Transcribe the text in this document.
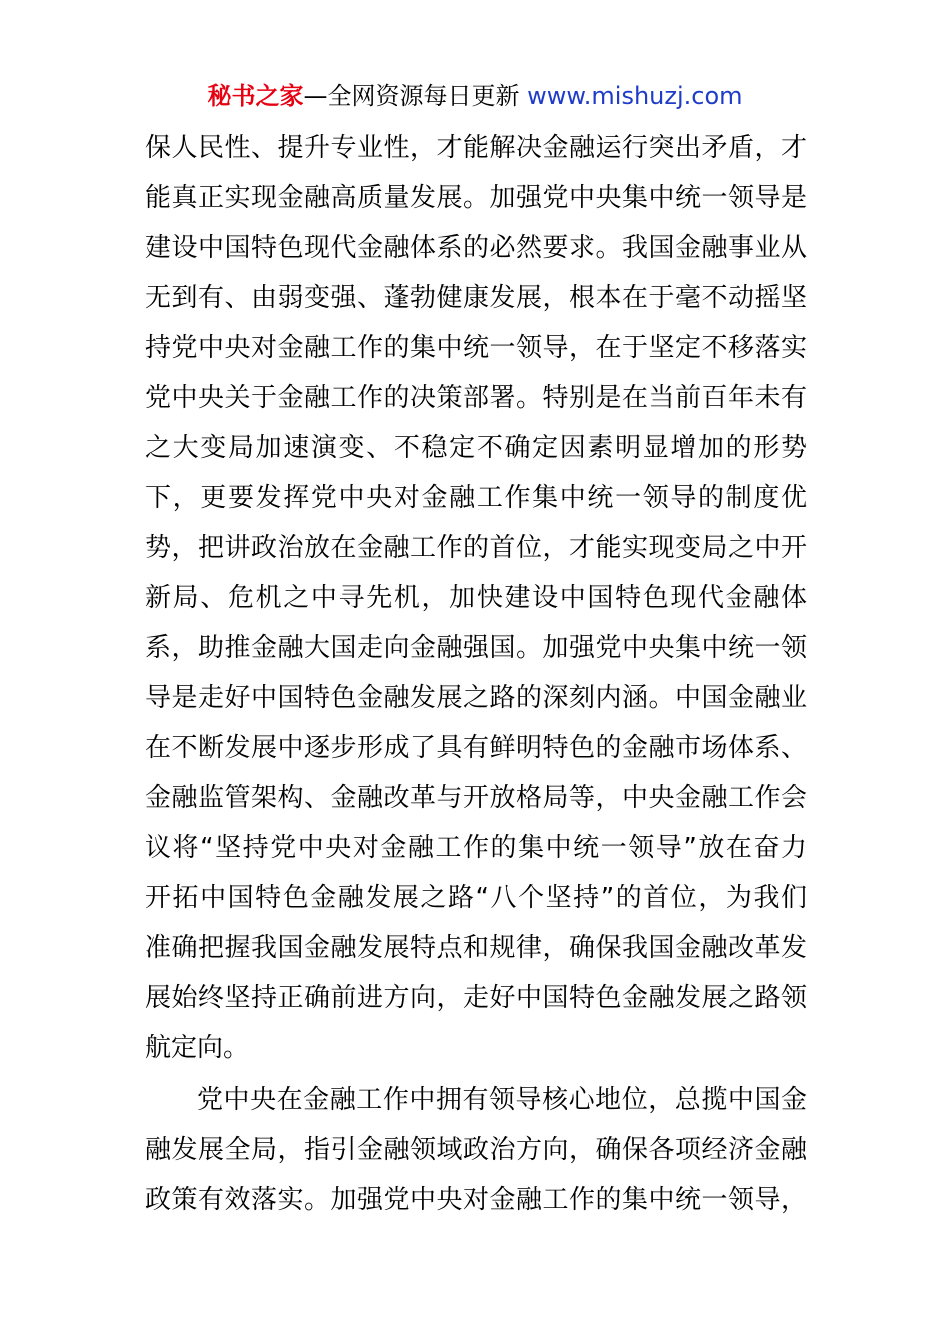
秘书之家—全网资源每日更新 www.mishuzj.com
保人民性、提升专业性，才能解决金融运行突出矛盾，才
能真正实现金融高质量发展。加强党中央集中统一领导是
建设中国特色现代金融体系的必然要求。我国金融事业从
无到有、由弱变强、蓬勃健康发展，根本在于毫不动摇坚
持党中央对金融工作的集中统一领导，在于坚定不移落实
党中央关于金融工作的决策部署。特别是在当前百年未有
之大变局加速演变、不稳定不确定因素明显增加的形势
下，更要发挥党中央对金融工作集中统一领导的制度优
势，把讲政治放在金融工作的首位，才能实现变局之中开
新局、危机之中寻先机，加快建设中国特色现代金融体
系，助推金融大国走向金融强国。加强党中央集中统一领
导是走好中国特色金融发展之路的深刻内涵。中国金融业
在不断发展中逐步形成了具有鲜明特色的金融市场体系、
金融监管架构、金融改革与开放格局等，中央金融工作会
议将“坚持党中央对金融工作的集中统一领导”放在奋力
开拓中国特色金融发展之路“八个坚持”的首位，为我们
准确把握我国金融发展特点和规律，确保我国金融改革发
展始终坚持正确前进方向，走好中国特色金融发展之路领
航定向。
党中央在金融工作中拥有领导核心地位，总揽中国金
融发展全局，指引金融领域政治方向，确保各项经济金融
政策有效落实。加强党中央对金融工作的集中统一领导，
